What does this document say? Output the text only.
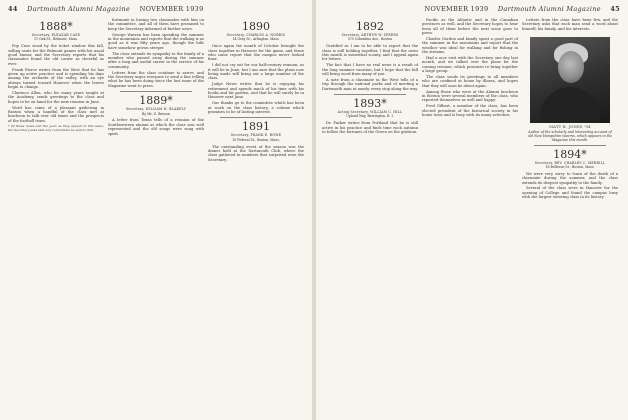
44 Dartmouth Alumni Magazine NOVEMBER 1939	NOVEMBER 1939 Dartmouth Alumni Magazine 45
1888*
Secretary, ELEAZAR CASE
11 Oak St., Belmont, Mass.

Pop Case stood by the ticket window this fall, selling seats for the Belmont games with his usual good humor, and the Secretary reports that his classmates found the old corner as cheerful as ever.

Frank Pierce writes from the West that he has given up active practice and is spending his days among the orchards of the valley, with an eye always turned toward Hanover when the leaves begin to change.

Clarence Allen, who for many years taught at the Academy, sends greetings to the class and hopes to be on hand for the next reunion in June.

Word has come of a pleasant gathering in Boston when a handful of the class met at luncheon to talk over old times and the prospects of the football team.

* Of these notes and the year, as they appear in this issue, the Secretary asks that any corrections be sent to him.

fortunate in having two classmates with him on the committee, and all of them have promised to keep the Secretary informed of further news.

George Warren has been spending the summer in the mountains and reports that the walking is as good as it was fifty years ago, though the hills have somehow grown steeper.

The class extends its sympathy to the family of a member who passed away during the summer after a long and useful career in the service of his community.

Letters from the class continue to arrive, and the Secretary urges everyone to send a line telling what he has been doing since the last issue of the Magazine went to press.

1889*
Secretary, WILLIAM H. BLAKELY
By Mr. G. Benson

A letter from Texas tells of a reunion of the Southwestern alumni at which the class was well represented and the old songs were sung with spirit.

1890
Secretary, CHARLES A. NORRIS
14 Gray St., Arlington, Mass.

Once again the month of October brought the class together in Hanover for the game, and those who came report that the campus never looked finer.

I did not cry out for our half-century reunion, as it will be in June, but I am sure that the plans now being made will bring out a large number of the class.

Judge Howe writes that he is enjoying his retirement and spends much of his time with his books and his garden, and that he will surely be in Hanover next June.

Our thanks go to the committee which has been at work on the class history, a volume which promises to be of lasting interest.

1891
Secretary, FRANK E. ROWE
10 Federal St., Boston, Mass.

The outstanding event of the season was the dinner held at the Dartmouth Club, where the class gathered in numbers that surprised even the Secretary.

1892
Secretary, ARTHUR W. SPEERS
575 Columbus Ave., Boston

Gratified as I am to be able to report that the class is still holding together, I find that the news this month is somewhat scanty, and I appeal again for letters.

The fact that I have no real news is a result of the long summer vacation, but I hope that the fall will bring word from many of you.

A note from a classmate in the West tells of a trip through the national parks and of meeting a Dartmouth man at nearly every stop along the way.

1893*
Acting Secretary, WILLIAM C. HILL
Upland Way, Barrington, R. I.

Dr. Parker writes from Portland that he is still active in his practice and finds time each autumn to follow the fortunes of the Green on the gridiron.

Pacific as the Atlantic and in the Canadian provinces as well, and the Secretary hopes to hear from all of them before the next issue goes to press.

Charles Gordon and family spent a good part of the summer in the mountains and report that the weather was ideal for walking and for fishing in the streams.

Had a nice visit with the Secretary one day last month, and we talked over the plans for the coming reunion, which promises to bring together a large group.

The class sends its greetings to all members who are confined at home by illness, and hopes that they will soon be about again.

Among those who were at the Alumni luncheon in Boston were several members of the class, who reported themselves as well and happy.

Fred Gilbert, a member of the class, has been elected president of the historical society in his home town and is busy with its many activities.

Letters from the class have been few, and the Secretary asks that each man send a word about himself, his family, and his interests.

MATT B. JONES '94
Author of the scholarly and interesting account of old New Hampshire taverns, which appears in the Magazine this month.
1894*
Secretary, REV. CHARLES C. MERRILL
16 Bellevue St., Boston, Mass.

We were very sorry to learn of the death of a classmate during the summer, and the class extends its deepest sympathy to the family.

Several of the class were in Hanover for the opening of College and found the campus busy with the largest entering class in its history.
